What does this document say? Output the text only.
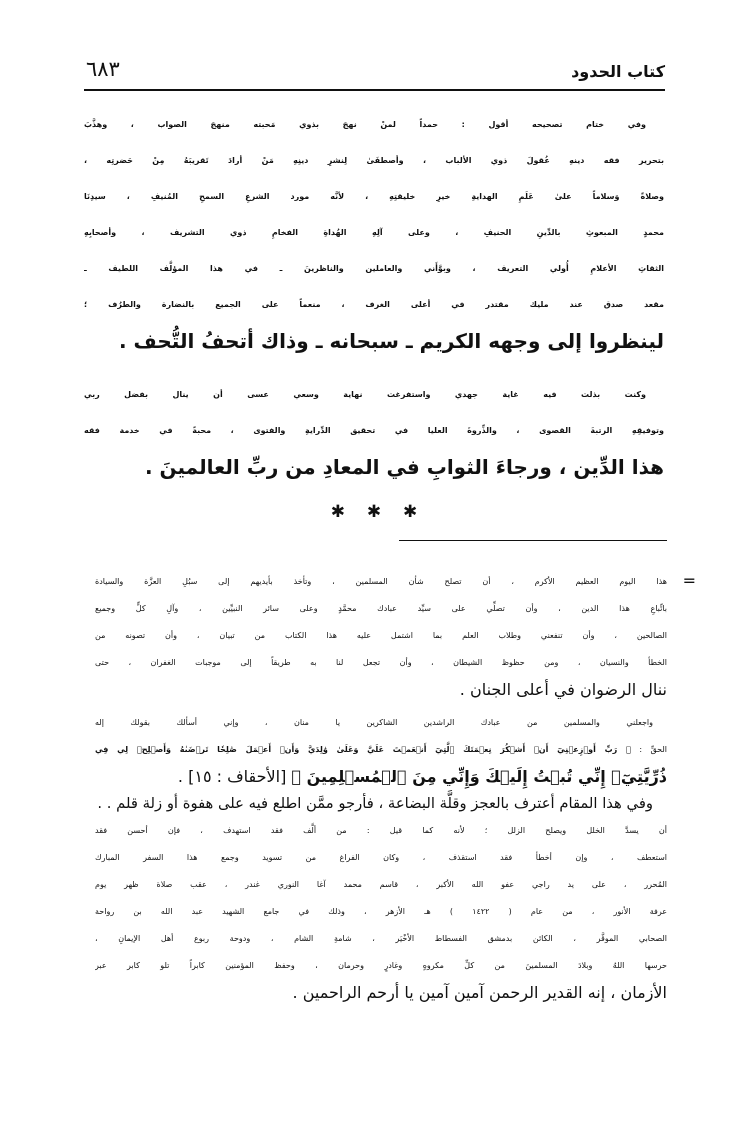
كتاب الحدود
٦٨٣
وفي ختام تصحيحه أقول : حمداً لمنْ نهجَ بذوي مَحبته منهجَ الصواب ، وهذَّبَ
بتحرير فقه دينهِ عُقولَ ذوي الألباب ، وأصطفَىٰ لِنشرِ دينِهِ مَنْ أرادَ تَقريبَهُ مِنْ حَضرتِه ،
وصلاةً وَسلاماً علىٰ عَلَمِ الهدايةِ خيرِ خليقتِهِ ، لأنَّه مورد الشرعِ السمحِ المُنيفِ ، سيدِنَا
محمدٍ المبعوثِ بالدِّينِ الحنيفِ ، وعلى آلِهِ الهُداةِ الفخامِ ذوي التشريف ، وأصحابِهِ
الثقاتِ الأعلامِ أُولي التعريف ، وبوَّأَني والعاملين والناظرينَ ـ في هذا المؤلَّف اللطيف ـ
مقعد صدق عند مليك مقتدر في أعلى الغرف ، منعماً على الجميع بالنضارة والطرُف ؛
لينظروا إلى وجهه الكريم ـ سبحانه ـ وذاك أتحفُ التُّحف .
وكنت بذلت فيه غاية جهدي واستفرغت نهاية وسعي عسى أن ينال بفضل ربي
وتوفيقِهِ الرتبةَ القصوى ، والذِّروةَ العليا في تحقيق الدِّرايةِ والفتوى ، محبةً في خدمة فقه
هذا الدِّين ، ورجاءَ الثوابِ في المعادِ من ربِّ العالمينَ .
✱ ✱ ✱
=
هذا اليوم العظيم الأكرم ، أن تصلح شأن المسلمين ، وتأخذ بأيديهم إلى سبُلِ العزَّة والسيادة
باتِّباعِ هذا الدين ، وأن تصلِّي على سيِّد عبادك محمَّدٍ وعلى سائر النبيِّين ، وآلِ كلٍّ وجميع
الصالحين ، وأن تنفعني وطلاب العلم بما اشتمل عليه هذا الكتاب من تبيان ، وأن تصونه من
الخطأ والنسيان ، ومن حظوظ الشيطان ، وأن تجعل لنا به طريقاً إلى موجبات الغفران ، حتى
ننال الرضوان في أعلى الجنان .
واجعلني والمسلمين من عبادك الراشدين الشاكرين يا منان ، وإني أسألك بقولك إله
الحقِّ : ﴿ رَبِّ أَوۡزِعۡنِيٓ أَنۡ أَشۡكُرَ نِعۡمَتَكَ ٱلَّتِيٓ أَنۡعَمۡتَ عَلَيَّ وَعَلَىٰ وَٰلِدَيَّ وَأَنۡ أَعۡمَلَ صَٰلِحٗا تَرۡضَىٰهُ وَأَصۡلِحۡ لِي فِي
ذُرِّيَّتِيٓۖ إِنِّي تُبۡتُ إِلَيۡكَ وَإِنِّي مِنَ ٱلۡمُسۡلِمِينَ ﴾ [الأحقاف : ١٥] .
وفي هذا المقام أعترف بالعجز وقلَّة البضاعة ، فأرجو ممَّن اطلع فيه على هفوة أو زلة قلم . .
أن يسدَّ الخلل ويصلح الزلل ؛ لأنه كما قيل : من ألَّف فقد استهدف ، فإن أحسن فقد
استعطف ، وإن أخطأ فقد استقذف ، وكان الفراغ من تسويد وجمع هذا السفر المبارك
المُحرر ، على يد راجي عفو الله الأكبر ، قاسم محمد آغا النوري غندر ، عقب صلاة ظهر يوم
عرفة الأنور ، من عام ( ١٤٢٢ ) هـ الأزهر ، وذلك في جامع الشهيد عبد الله بن رواحة
الصحابي الموقَّر ، الكائن بدمشق الفسطاط الأخْيَر ، شامةِ الشام ، ودوحة ربوع أهل الإيمانِ ،
حرسها اللهُ وبلادَ المسلمينَ من كلِّ مكروهٍ وغادرٍ وحرمان ، وحفظ المؤمنين كابراً تلو كابر عبر
الأزمان ، إنه القدير الرحمن آمين آمين يا أرحم الراحمين .
